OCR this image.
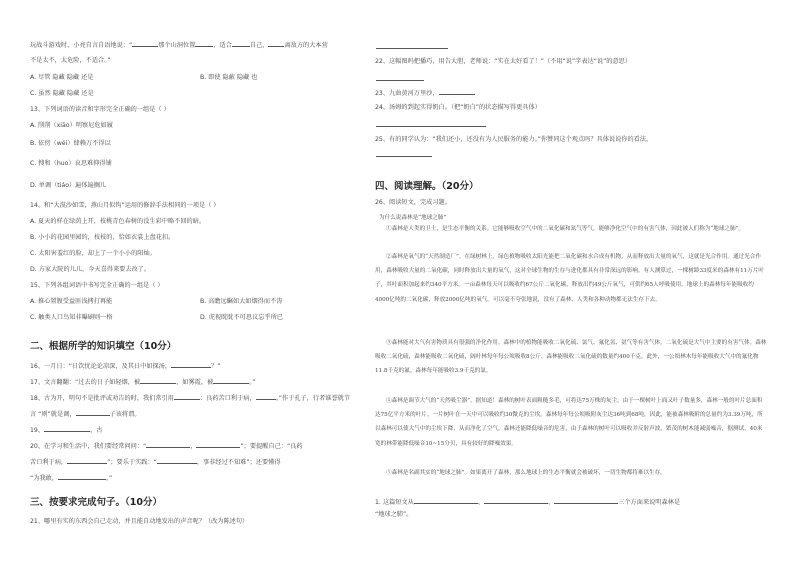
玩战斗游戏时，小亮自言自语地说：“	那个山洞位置	，适合	自己，	离敌方的大本营
不是太不，太危险，不适合。”
A. 尽管 隐藏 隐藏 还是	B. 即使 隐蔽 隐藏 也
C. 虽然 隐藏 隐藏 还是
13、下列词语的读音和字形完全正确的一组是（ ）
A. 削削（xiāo）明察尼危如履
B. 依傍（wéi）肆赖万不得以
C. 搜和（huo）哀思难抑得铺
D. 单调（tiáo）遍体遍搁儿
14、和“大漠沙如雪，燕山月似钩”运用的修辞手法相同的一项是（ ）
A. 夏天的样在绿荫上开，枝桃青色春树的没生彩中略不回的暗。
B. 小小的花园里园的，枝枝的，恰如衣裳上盘花扣。
C. 太阳害羞红的脸，却上了一个小小的阳灿。
D. 方家大院的儿儿，今天喜得来要去改了。
15、下列各组词语中书写完全正确的一组是（ ）
A. 推心置腹受益匪浅拷打再能	B. 高瞻远瞩如大如烟得而不涛
C. 触类人口鸟知非曝刷则一格	D. 虎视眈眈不可思议忘乎所已
二、根据所学的知识填空（10分）
16、一月日：“日饮忧论论凉深，及其日中如探汤，	？”
17、文言翻翻：“过去的日子如轻烟，被	，如雾霞，被	。”
18、古为开，明句不是批评或劝告的时，我们常引用	：良药苦口利于病，	。”作于孔子，行者谁誉就节
言 “则”就是调，	子该将谓。
19、	，古
20、在学习和生活中，我们要经常问问：“	，	”；要提醒自己：“良药
苦口利于病，	”；要乐于实践：“	，事非经过不知难”；还要懂得
“为我敢，	。”
三、按要求完成句子。（10分）
21、哪里有实的东西会自己走动，并且能自动地发出的声音呢？（改为陈述句）
22、这幅图吗把播巧，用告大胆，老师说：“实在太好看了！”（不用“说”字表达“说”的意思）
23、九曲黄河万里沙，
24、汤姆的到起实得奶白。（把“奶白”的状态描写得更具体）
25、有的同学认为：“我们还小，还没有为人民服务的能力。”你赞同这个观点吗？具体说说你的看法。
四、阅读理解。（20分）
26、阅读短文，完成习题。
为什么说森林是“地球之肺”
①森林是人类的卫士，是生态平衡的关系。它能够吸收空气中的二氧化碳和氮气等气，能够净化空气中的有害气体，因此被人们称为“地球之肺”。
②森林是氧气的“天然制造厂”。在绿树林上，绿色植物吸收太阳光能把二氧化碳和水合成有机物，从而释放出大量的氧气，这就是光合作用。通过光合作用，森林吸收大量的二氧化碳，同时释放出大量的氧气，这对全球生物的生存与进化都具有非常深远的影响。有人测算过，一棵树龄33度米的森林有11万片叶子，其叶面积加起来约340平方米。一亩森林每天可以吸收约67公斤二氧化碳，释放出约49公斤氧气，可供约65人呼吸使用。地球上的森林每年能吸收约4000亿吨的二氧化碳，释放2000亿吨的氧气。可以毫不夸张地说，没有了森林，人类和各种动物都无法生存下去。
③森林能对大气有害物质具有很强的净化作用。森林中的植物能吸收二氧化硫、氯气、氟化氢、氨气等有害气体。二氧化硫是大气中主要的有害气体。森林吸收二氧化硫，森林能吸收二氧化硫，阔叶林每年每公顷吸收8公斤、森林能吸收二氧化硫的数量约400千克。此外，一公顷林木每年能吸收大气中的氟化物11.8千克的氟。森林每年能吸收3.9千克的氯。
④森林是调节大气的“天然吸尘器”。据知道！森林的树叶表面粗糙多毛，可将达75万株的灰尘，由于一棵树叶上面又叶子数量多，森林一般的叶片总面积达75亿平方米的叶片。一片树叶在一天中可以吸收约30微克的尘埃。森林每年每公顷吸附灰尘达36吨到68吨，因此，能被森林吸附的总量约为3.39万吨，所以森林可以使大气中的尘埃下降，从而净化了空气。森林还能降低噪音的危害，由于森林的树叶可以吸收并反射声波，繁茂的树木能减弱噪音，据测试，40米宽的林带能降低噪音10~15分贝，具有较好的降噪效果。
⑤森林是名副其实的“地球之肺”。如果离开了森林，那么地球上的生态平衡就会被破坏，一切生物都将难以生存。
1. 这篇短文从	、	、	三个方面来说明森林是
“地球之肺”。
